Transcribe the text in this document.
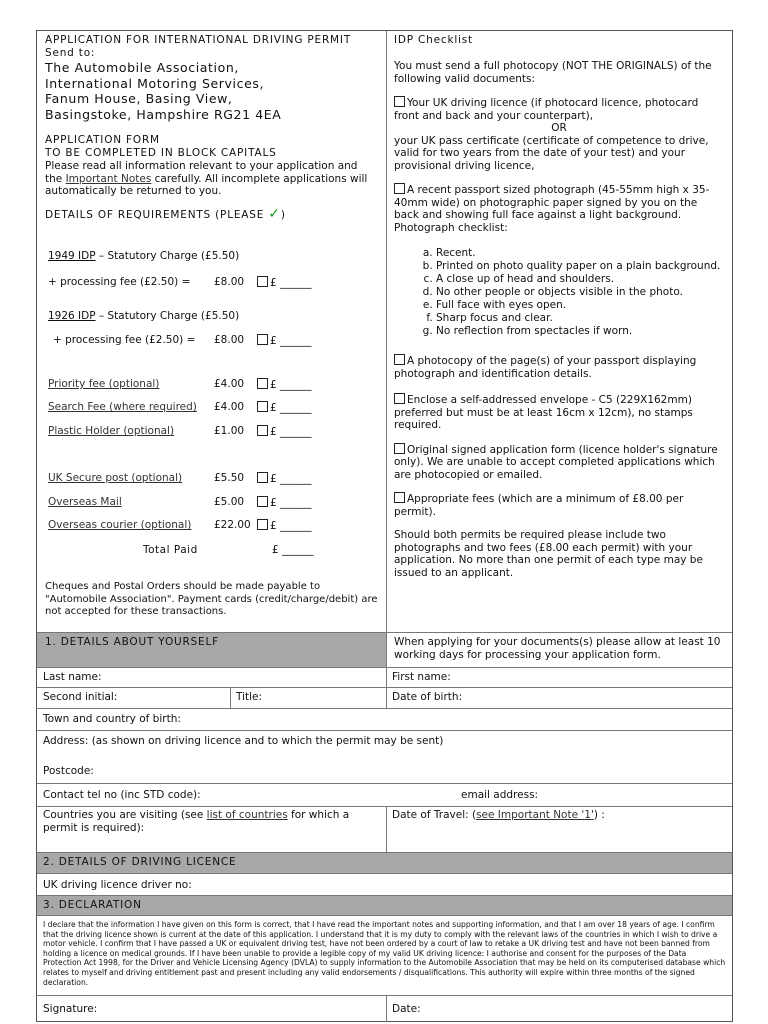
APPLICATION FOR INTERNATIONAL DRIVING PERMIT
Send to:
The Automobile Association,
International Motoring Services,
Fanum House, Basing View,
Basingstoke, Hampshire RG21 4EA
APPLICATION FORM
TO BE COMPLETED IN BLOCK CAPITALS
Please read all information relevant to your application and the Important Notes carefully. All incomplete applications will automatically be returned to you.
DETAILS OF REQUIREMENTS (PLEASE ✓)
1949 IDP – Statutory Charge (£5.50)
+ processing fee (£2.50) = £8.00	£ ______
1926 IDP – Statutory Charge (£5.50)
+ processing fee (£2.50) = £8.00	£ ______
Priority fee (optional)	£4.00	£ ______
Search Fee (where required) £4.00	£ ______
Plastic Holder (optional)	£1.00	£ ______
UK Secure post (optional)	£5.50	£ ______
Overseas Mail	£5.00	£ ______
Overseas courier (optional) £22.00	£ ______
Total Paid	£ ______
Cheques and Postal Orders should be made payable to "Automobile Association". Payment cards (credit/charge/debit) are not accepted for these transactions.
IDP Checklist
You must send a full photocopy (NOT THE ORIGINALS) of the following valid documents:
Your UK driving licence (if photocard licence, photocard front and back and your counterpart),
OR
your UK pass certificate (certificate of competence to drive, valid for two years from the date of your test) and your provisional driving licence,
A recent passport sized photograph (45-55mm high x 35-40mm wide) on photographic paper signed by you on the back and showing full face against a light background.
Photograph checklist:
a. Recent.
b. Printed on photo quality paper on a plain background.
c. A close up of head and shoulders.
d. No other people or objects visible in the photo.
e. Full face with eyes open.
f. Sharp focus and clear.
g. No reflection from spectacles if worn.
A photocopy of the page(s) of your passport displaying photograph and identification details.
Enclose a self-addressed envelope - C5 (229X162mm) preferred but must be at least 16cm x 12cm), no stamps required.
Original signed application form (licence holder's signature only). We are unable to accept completed applications which are photocopied or emailed.
Appropriate fees (which are a minimum of £8.00 per permit).
Should both permits be required please include two photographs and two fees (£8.00 each permit) with your application. No more than one permit of each type may be issued to an applicant.
1. DETAILS ABOUT YOURSELF	When applying for your documents(s) please allow at least 10 working days for processing your application form.
Last name:	First name:
Second initial:	Title:	Date of birth:
Town and country of birth:
Address: (as shown on driving licence and to which the permit may be sent)
Postcode:
Contact tel no (inc STD code):	email address:
Countries you are visiting (see list of countries for which a permit is required):
Date of Travel: (see Important Note '1') :
2. DETAILS OF DRIVING LICENCE
UK driving licence driver no:
3. DECLARATION
I declare that the information I have given on this form is correct, that I have read the important notes and supporting information, and that I am over 18 years of age. I confirm that the driving licence shown is current at the date of this application. I understand that it is my duty to comply with the relevant laws of the countries in which I wish to drive a motor vehicle. I confirm that I have passed a UK or equivalent driving test, have not been ordered by a court of law to retake a UK driving test and have not been banned from holding a licence on medical grounds. If I have been unable to provide a legible copy of my valid UK driving licence: I authorise and consent for the purposes of the Data Protection Act 1998, for the Driver and Vehicle Licensing Agency (DVLA) to supply information to the Automobile Association that may be held on its computerised database which relates to myself and driving entitlement past and present including any valid endorsements / disqualifications. This authority will expire within three months of the signed declaration.
Signature:	Date:
